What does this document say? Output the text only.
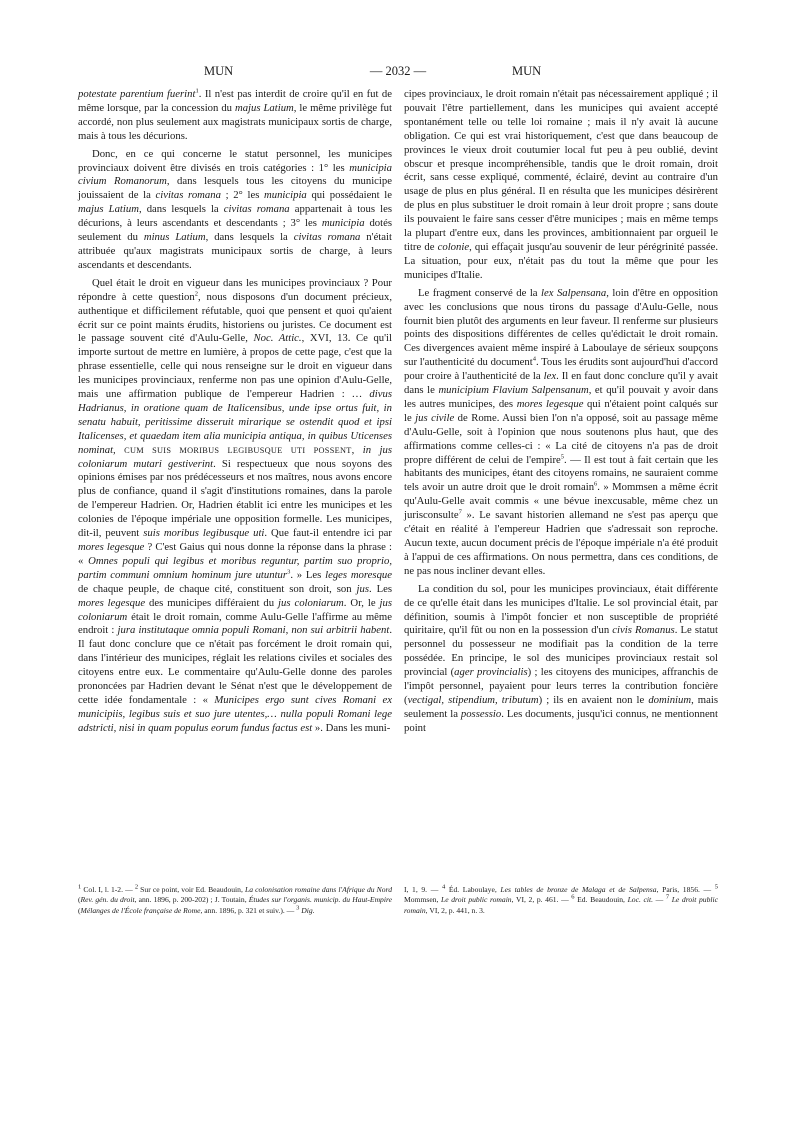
MUN	— 2032 —	MUN

potestate parentium fuerint$^1$. Il n'est pas interdit de croire qu'il en fut de même lorsque, par la concession du majus Latium, le même privilège fut accordé, non plus seulement aux magistrats municipaux sortis de charge, mais à tous les décurions.

Donc, en ce qui concerne le statut personnel, les municipes provinciaux doivent être divisés en trois catégories : 1° les municipia civium Romanorum, dans lesquels tous les citoyens du municipe jouissaient de la civitas romana ; 2° les municipia qui possédaient le majus Latium, dans lesquels la civitas romana appartenait à tous les décurions, à leurs ascendants et descendants ; 3° les municipia dotés seulement du minus Latium, dans lesquels la civitas romana n'était attribuée qu'aux magistrats municipaux sortis de charge, à leurs ascendants et descendants.

Quel était le droit en vigueur dans les municipes provinciaux ? Pour répondre à cette question$^2$, nous disposons d'un document précieux, authentique et difficilement réfutable, quoi que pensent et quoi qu'aient écrit sur ce point maints érudits, historiens ou juristes. Ce document est le passage souvent cité d'Aulu-Gelle, Noc. Attic., XVI, 13. Ce qu'il importe surtout de mettre en lumière, à propos de cette page, c'est que la phrase essentielle, celle qui nous renseigne sur le droit en vigueur dans les municipes provinciaux, renferme non pas une opinion d'Aulu-Gelle, mais une affirmation publique de l'empereur Hadrien : … divus Hadrianus, in oratione quam de Italicensibus, unde ipse ortus fuit, in senatu habuit, peritissime disseruit mirarique se ostendit quod et ipsi Italicenses, et quaedam item alia municipia antiqua, in quibus Uticenses nominat, CUM SUIS MORIBUS LEGIBUSQUE UTI POSSENT, in jus coloniarum mutari gestiverint. Si respectueux que nous soyons des opinions émises par nos prédécesseurs et nos maîtres, nous avons encore plus de confiance, quand il s'agit d'institutions romaines, dans la parole de l'empereur Hadrien. Or, Hadrien établit ici entre les municipes et les colonies de l'époque impériale une opposition formelle. Les municipes, dit-il, peuvent suis moribus legibusque uti. Que faut-il entendre ici par mores legesque ? C'est Gaius qui nous donne la réponse dans la phrase : « Omnes populi qui legibus et moribus reguntur, partim suo proprio, partim communi omnium hominum jure utuntur$^3$. » Les leges moresque de chaque peuple, de chaque cité, constituent son droit, son jus. Les mores legesque des municipes différaient du jus coloniarum. Or, le jus coloniarum était le droit romain, comme Aulu-Gelle l'affirme au même endroit : jura institutaque omnia populi Romani, non sui arbitrii habent. Il faut donc conclure que ce n'était pas forcément le droit romain qui, dans l'intérieur des municipes, réglait les relations civiles et sociales des citoyens entre eux. Le commentaire qu'Aulu-Gelle donne des paroles prononcées par Hadrien devant le Sénat n'est que le développement de cette idée fondamentale : « Municipes ergo sunt cives Romani ex municipiis, legibus suis et suo jure utentes,… nulla populi Romani lege adstricti, nisi in quam populus eorum fundus factus est ». Dans les muni-

cipes provinciaux, le droit romain n'était pas nécessairement appliqué ; il pouvait l'être partiellement, dans les municipes qui avaient accepté spontanément telle ou telle loi romaine ; mais il n'y avait là aucune obligation. Ce qui est vrai historiquement, c'est que dans beaucoup de provinces le vieux droit coutumier local fut peu à peu oublié, devint obscur et presque incompréhensible, tandis que le droit romain, droit écrit, sans cesse expliqué, commenté, éclairé, devint au contraire d'un usage de plus en plus général. Il en résulta que les municipes désirèrent de plus en plus substituer le droit romain à leur droit propre ; sans doute ils pouvaient le faire sans cesser d'être municipes ; mais en même temps la plupart d'entre eux, dans les provinces, ambitionnaient par orgueil le titre de colonie, qui effaçait jusqu'au souvenir de leur pérégrinité passée. La situation, pour eux, n'était pas du tout la même que pour les municipes d'Italie.

Le fragment conservé de la lex Salpensana, loin d'être en opposition avec les conclusions que nous tirons du passage d'Aulu-Gelle, nous fournit bien plutôt des arguments en leur faveur. Il renferme sur plusieurs points des dispositions différentes de celles qu'édictait le droit romain. Ces divergences avaient même inspiré à Laboulaye de sérieux soupçons sur l'authenticité du document$^4$. Tous les érudits sont aujourd'hui d'accord pour croire à l'authenticité de la lex. Il en faut donc conclure qu'il y avait dans le municipium Flavium Salpensanum, et qu'il pouvait y avoir dans les autres municipes, des mores legesque qui n'étaient point calqués sur le jus civile de Rome. Aussi bien l'on n'a opposé, soit au passage même d'Aulu-Gelle, soit à l'opinion que nous soutenons plus haut, que des affirmations comme celles-ci : « La cité de citoyens n'a pas de droit propre différent de celui de l'empire$^5$. — Il est tout à fait certain que les habitants des municipes, étant des citoyens romains, ne sauraient comme tels avoir un autre droit que le droit romain$^6$. » Mommsen a même écrit qu'Aulu-Gelle avait commis « une bévue inexcusable, même chez un jurisconsulte$^7$ ». Le savant historien allemand ne s'est pas aperçu que c'était en réalité à l'empereur Hadrien que s'adressait son reproche. Aucun texte, aucun document précis de l'époque impériale n'a été produit à l'appui de ces affirmations. On nous permettra, dans ces conditions, de ne pas nous incliner devant elles.

La condition du sol, pour les municipes provinciaux, était différente de ce qu'elle était dans les municipes d'Italie. Le sol provincial était, par définition, soumis à l'impôt foncier et non susceptible de propriété quiritaire, qu'il fût ou non en la possession d'un civis Romanus. Le statut personnel du possesseur ne modifiait pas la condition de la terre possédée. En principe, le sol des municipes provinciaux restait sol provincial (ager provincialis) ; les citoyens des municipes, affranchis de l'impôt personnel, payaient pour leurs terres la contribution foncière (vectigal, stipendium, tributum) ; ils en avaient non le dominium, mais seulement la possessio. Les documents, jusqu'ici connus, ne mentionnent point

$^1$ Col. I, l. 1-2. — $^2$ Sur ce point, voir Ed. Beaudouin, La colonisation romaine dans l'Afrique du Nord (Rev. gén. du droit, ann. 1896, p. 200-202) ; J. Toutain, Études sur l'organis. municip. du Haut-Empire (Mélanges de l'École française de Rome, ann. 1896, p. 321 et suiv.). — $^3$ Dig.
I, 1, 9. — $^4$ Éd. Laboulaye, Les tables de bronze de Malaga et de Salpensa, Paris, 1856. — $^5$ Mommsen, Le droit public romain, VI, 2, p. 461. — $^6$ Ed. Beaudouin, Loc. cit. — $^7$ Le droit public romain, VI, 2, p. 441, n. 3.
